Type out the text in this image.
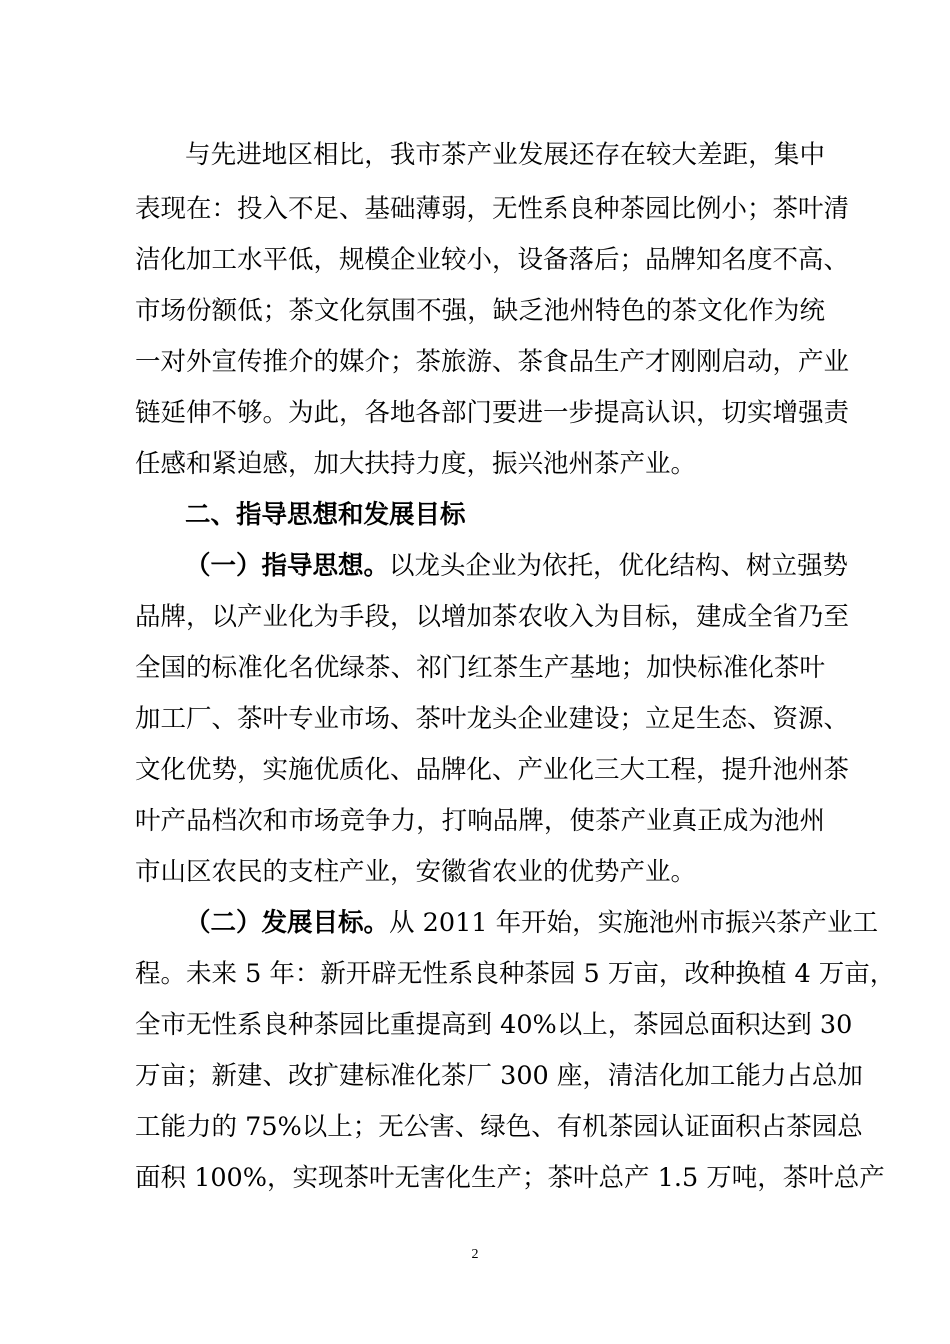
与先进地区相比，我市茶产业发展还存在较大差距，集中
表现在：投入不足、基础薄弱，无性系良种茶园比例小；茶叶清
洁化加工水平低，规模企业较小，设备落后；品牌知名度不高、
市场份额低；茶文化氛围不强，缺乏池州特色的茶文化作为统
一对外宣传推介的媒介；茶旅游、茶食品生产才刚刚启动，产业
链延伸不够。为此，各地各部门要进一步提高认识，切实增强责
任感和紧迫感，加大扶持力度，振兴池州茶产业。
二、指导思想和发展目标
（一）指导思想。以龙头企业为依托，优化结构、树立强势
品牌，以产业化为手段，以增加茶农收入为目标，建成全省乃至
全国的标准化名优绿茶、祁门红茶生产基地；加快标准化茶叶
加工厂、茶叶专业市场、茶叶龙头企业建设；立足生态、资源、
文化优势，实施优质化、品牌化、产业化三大工程，提升池州茶
叶产品档次和市场竞争力，打响品牌，使茶产业真正成为池州
市山区农民的支柱产业，安徽省农业的优势产业。
（二）发展目标。从 2011 年开始，实施池州市振兴茶产业工
程。未来 5 年：新开辟无性系良种茶园 5 万亩，改种换植 4 万亩，
全市无性系良种茶园比重提高到 40%以上，茶园总面积达到 30
万亩；新建、改扩建标准化茶厂 300 座，清洁化加工能力占总加
工能力的 75%以上；无公害、绿色、有机茶园认证面积占茶园总
面积 100%，实现茶叶无害化生产；茶叶总产 1.5 万吨，茶叶总产
2
